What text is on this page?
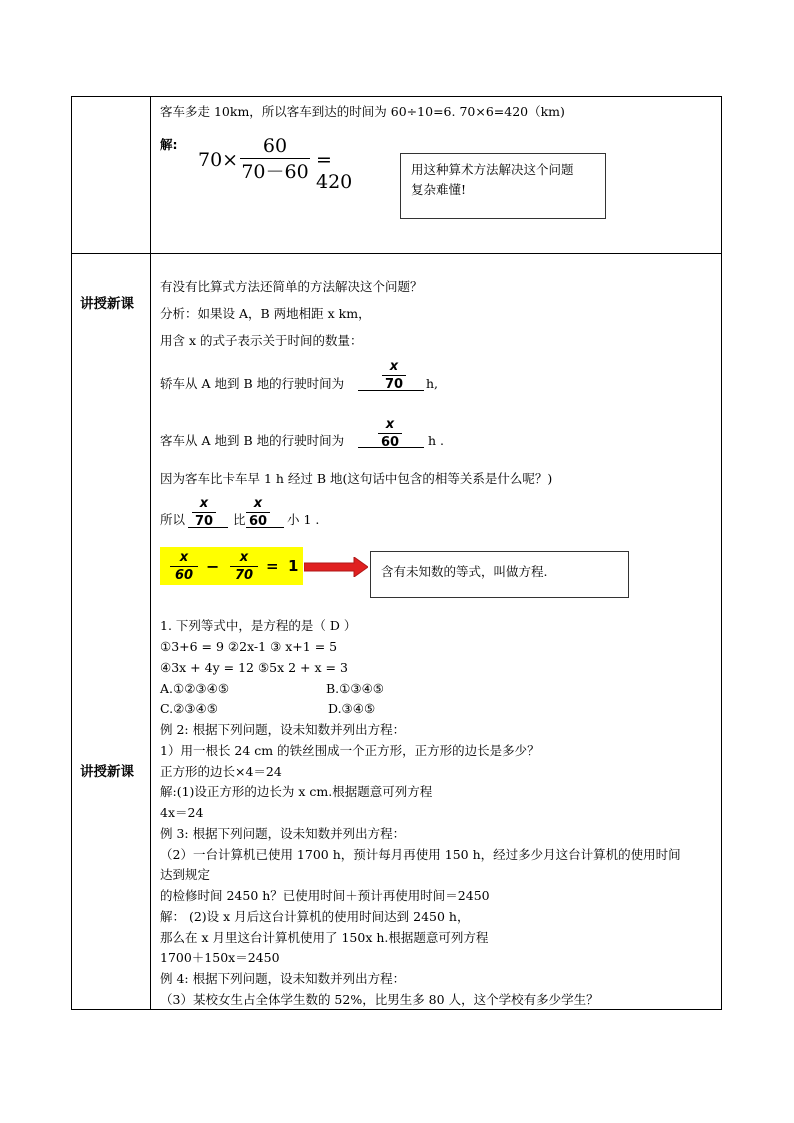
客车多走 10km，所以客车到达的时间为 60÷10=6. 70×6=420（km)
解:
70×
60
70－60
= 420
用这种算术方法解决这个问题
复杂难懂!
讲授新课
讲授新课
有没有比算式方法还简单的方法解决这个问题？
分析：如果设 A，B 两地相距 x km，
用含 x 的式子表示关于时间的数量：
轿车从 A 地到 B 地的行驶时间为
x
70 h,
客车从 A 地到 B 地的行驶时间为
x
60 h .
因为客车比卡车早 1 h 经过 B 地(这句话中包含的相等关系是什么呢？)
所以
x
70 比
x
60 小 1 .
x
60 −	x
70
= 1	含有未知数的等式，叫做方程.
1. 下列等式中，是方程的是（ D ）
①3+6 = 9 ②2x-1 ③ x+1 = 5
④3x + 4y = 12 ⑤5x 2 + x = 3
A.①②③④⑤	B.①③④⑤
C.②③④⑤	D.③④⑤
例 2: 根据下列问题，设未知数并列出方程：
1）用一根长 24 cm 的铁丝围成一个正方形，正方形的边长是多少？
正方形的边长×4＝24
解:(1)设正方形的边长为 x cm.根据题意可列方程
4x＝24
例 3: 根据下列问题，设未知数并列出方程：
（2）一台计算机已使用 1700 h，预计每月再使用 150 h，经过多少月这台计算机的使用时间
达到规定
的检修时间 2450 h？已使用时间＋预计再使用时间＝2450
解： (2)设 x 月后这台计算机的使用时间达到 2450 h，
那么在 x 月里这台计算机使用了 150x h.根据题意可列方程
1700＋150x＝2450
例 4: 根据下列问题，设未知数并列出方程：
（3）某校女生占全体学生数的 52%，比男生多 80 人，这个学校有多少学生？
